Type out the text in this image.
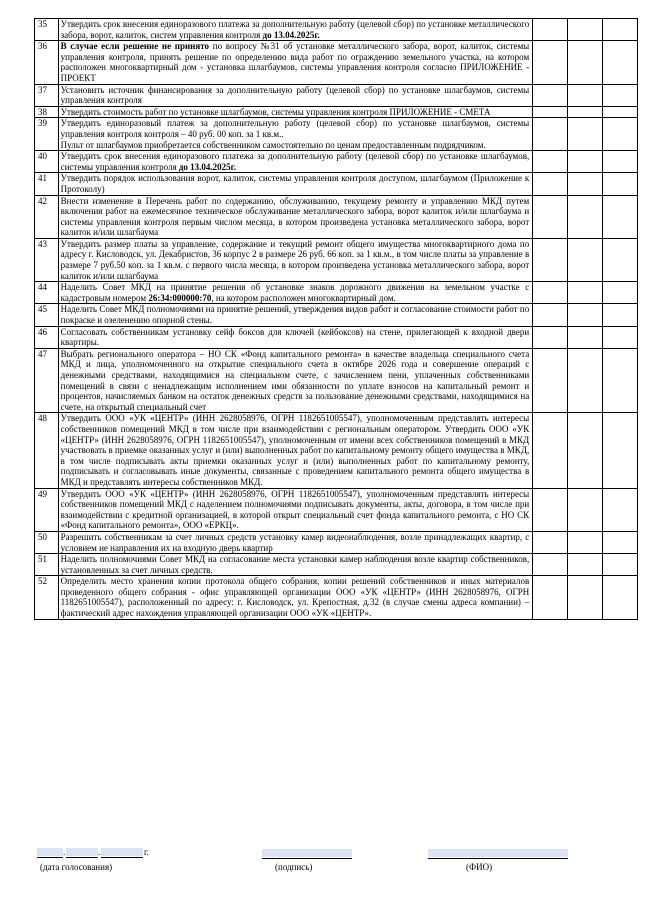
35	Утвердить срок внесения единоразового платежа за дополнительную работу (целевой сбор) по установке металлического забора, ворот, калиток, систем управления контроля до 13.04.2025г.			

36	В случае если решение не принято по вопросу №31 об установке металлического забора, ворот, калиток, системы управления контроля, принять решение по определению вида работ по ограждению земельного участка, на котором расположен многоквартирный дом - установка шлагбаумов, системы управления контроля согласно ПРИЛОЖЕНИЕ - ПРОЕКТ			

37	Установить источник финансирования за дополнительную работу (целевой сбор) по установке шлагбаумов, системы управления контроля			

38	Утвердить стоимость работ по установке шлагбаумов, системы управления контроля ПРИЛОЖЕНИЕ - СМЕТА			

39	Утвердить единоразовый платеж за дополнительную работу (целевой сбор) по установке шлагбаумов, системы управления контроля контроля – 40 руб. 00 коп. за 1 кв.м..
Пульт от шлагбаумов приобретается собственником самостоятельно по ценам предоставленным подрядчиком.			

40	Утвердить срок внесения единоразового платежа за дополнительную работу (целевой сбор) по установке шлагбаумов, системы управления контроля до 13.04.2025г.			

41	Утвердить порядок использования ворот, калиток, системы управления контроля доступом, шлагбаумом (Приложение к Протоколу)			

42	Внести изменение в Перечень работ по содержанию, обслуживанию, текущему ремонту и управлению МКД путем включения работ на ежемесячное техническое обслуживание металлического забора, ворот калиток и/или шлагбаума и системы управления контроля первым числом месяца, в котором произведена установка металлического забора, ворот калиток и/или шлагбаума			

43	Утвердить размер платы за управление, содержание и текущий ремонт общего имущества многоквартирного дома по адресу г. Кисловодск, ул. Декабристов, 36 корпус 2 в размере 26 руб. 66 коп. за 1 кв.м., в том числе платы за управление в размере 7 руб.50 коп. за 1 кв.м. с первого числа месяца, в котором произведена установка металлического забора, ворот калиток и/или шлагбаума			

44	Наделить Совет МКД на принятие решения об установке знаков дорожного движения на земельном участке с кадастровым номером 26:34:000000:70, на котором расположен многоквартирный дом.			

45	Наделить Совет МКД полномочиями на принятие решений, утверждения видов работ и согласование стоимости работ по покраске и озеленению опорной стены.			

46	Согласовать собственникам установку сейф боксов для ключей (кейбоксов) на стене, прилегающей к входной двери квартиры.			

47	Выбрать регионального оператора – НО СК «Фонд капитального ремонта» в качестве владельца специального счета МКД и лица, уполномоченного на открытие специального счета в октябре 2026 года и совершение операций с денежными средствами, находящимися на специальном счете, с зачислением пени, уплаченных собственниками помещений в связи с ненадлежащим исполнением ими обязанности по уплате взносов на капитальный ремонт и процентов, начисляемых банком на остаток денежных средств за пользование денежными средствами, находящимися на счете, на открытый специальный счет			

48	Утвердить ООО «УК «ЦЕНТР» (ИНН 2628058976, ОГРН 1182651005547), уполномоченным представлять интересы собственников помещений МКД в том числе при взаимодействии с региональным оператором. Утвердить ООО «УК «ЦЕНТР» (ИНН 2628058976, ОГРН 1182651005547), уполномоченным от имени всех собственников помещений в МКД участвовать в приемке оказанных услуг и (или) выполненных работ по капитальному ремонту общего имущества в МКД, в том числе подписывать акты приемки оказанных услуг и (или) выполненных работ по капитальному ремонту, подписывать и согласовывать иные документы, связанные с проведением капитального ремонта общего имущества в МКД и представлять интересы собственников МКД.			

49	Утвердить ООО «УК «ЦЕНТР» (ИНН 2628058976, ОГРН 1182651005547), уполномоченным представлять интересы собственников помещений МКД с наделением полномочиями подписывать документы, акты, договора, в том числе при взаимодействии с кредитной организацией, в которой открыт специальный счет фонда капитального ремонта, с НО СК «Фонд капитального ремонта», ООО «ЕРКЦ».			

50	Разрешить собственникам за счет личных средств установку камер видеонаблюдения, возле принадлежащих квартир, с условием не направления их на входную дверь квартир			

51	Наделить полномочиями Совет МКД на согласование места установки камер наблюдения возле квартир собственников, установленных за счет личных средств.			

52	Определить место хранения копии протокола общего собрания, копии решений собственников и иных материалов проведенного общего собрания - офис управляющей организации ООО «УК «ЦЕНТР» (ИНН 2628058976, ОГРН 1182651005547), расположенный по адресу: г. Кисловодск, ул. Крепостная, д.32 (в случае смены адреса компании) – фактический адрес нахождения управляющей организации ООО «УК «ЦЕНТР».			

.	.	г.
(дата голосования)	(подпись)	(ФИО)
